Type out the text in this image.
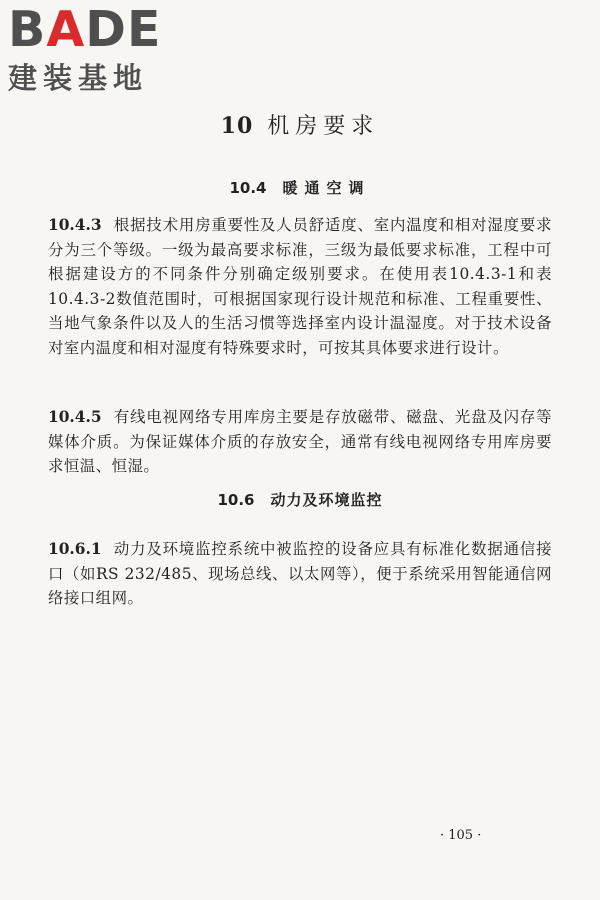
BADE
建装基地
10 机房要求
10.4 暖通空调
10.4.3 根据技术用房重要性及人员舒适度、室内温度和相对湿度要求分为三个等级。一级为最高要求标准，三级为最低要求标准，工程中可根据建设方的不同条件分别确定级别要求。在使用表10.4.3-1和表10.4.3-2数值范围时，可根据国家现行设计规范和标准、工程重要性、当地气象条件以及人的生活习惯等选择室内设计温湿度。对于技术设备对室内温度和相对湿度有特殊要求时，可按其具体要求进行设计。
10.4.5 有线电视网络专用库房主要是存放磁带、磁盘、光盘及闪存等媒体介质。为保证媒体介质的存放安全，通常有线电视网络专用库房要求恒温、恒湿。
10.6 动力及环境监控
10.6.1 动力及环境监控系统中被监控的设备应具有标准化数据通信接口（如RS 232/485、现场总线、以太网等），便于系统采用智能通信网络接口组网。
· 105 ·
